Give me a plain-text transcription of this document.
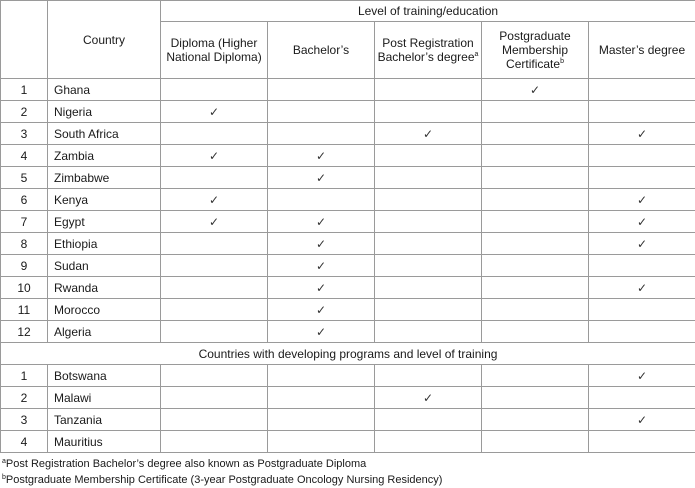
	Country	Level of training/education				
		Diploma (Higher National Diploma)	Bachelor’s	Post Registration Bachelor’s degree$^a$	Postgraduate Membership Certificate$^b$	Master’s degree
1	Ghana				✓	
2	Nigeria	✓				
3	South Africa			✓		✓
4	Zambia	✓	✓			
5	Zimbabwe		✓			
6	Kenya	✓				✓
7	Egypt	✓	✓			✓
8	Ethiopia		✓			✓
9	Sudan		✓			
10	Rwanda		✓			✓
11	Morocco		✓			
12	Algeria		✓			
Countries with developing programs and level of training						
1	Botswana					✓
2	Malawi			✓		
3	Tanzania					✓
4	Mauritius					
$^a$Post Registration Bachelor’s degree also known as Postgraduate Diploma
$^b$Postgraduate Membership Certificate (3-year Postgraduate Oncology Nursing Residency)
